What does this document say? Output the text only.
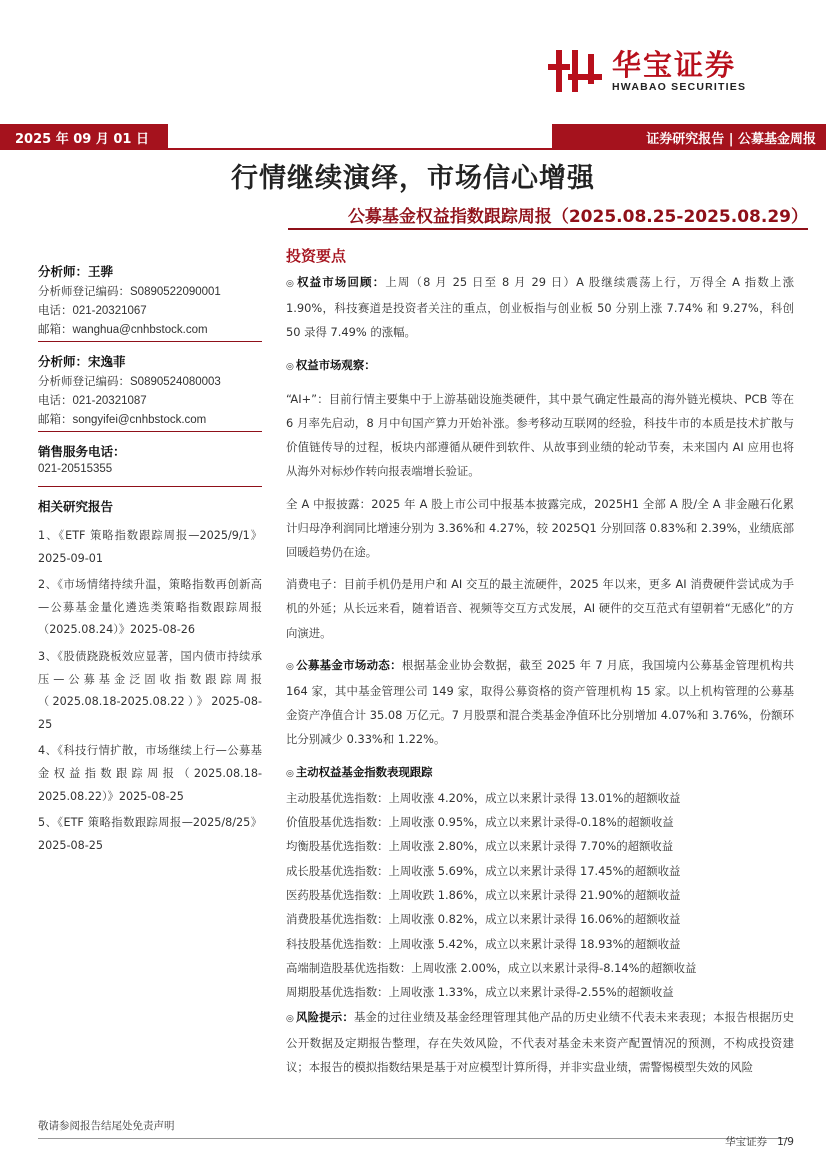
华宝证券
HWABAO SECURITIES
2025 年 09 月 01 日	证券研究报告 | 公募基金周报
行情继续演绎，市场信心增强
公募基金权益指数跟踪周报（2025.08.25-2025.08.29）
分析师：王骅
分析师登记编码：S0890522090001
电话：021-20321067
邮箱：wanghua@cnhbstock.com
分析师：宋逸菲
分析师登记编码：S0890524080003
电话：021-20321087
邮箱：songyifei@cnhbstock.com
销售服务电话：
021-20515355
相关研究报告
1、《ETF 策略指数跟踪周报—2025/9/1》2025-09-01
2、《市场情绪持续升温，策略指数再创新高—公募基金量化遴选类策略指数跟踪周报（2025.08.24）》2025-08-26
3、《股债跷跷板效应显著，国内债市持续承压—公募基金泛固收指数跟踪周报（2025.08.18-2025.08.22）》2025-08-25
4、《科技行情扩散，市场继续上行—公募基金权益指数跟踪周报（2025.08.18-2025.08.22）》2025-08-25
5、《ETF 策略指数跟踪周报—2025/8/25》2025-08-25
投资要点
◎ 权益市场回顾：上周（8 月 25 日至 8 月 29 日）A 股继续震荡上行，万得全 A 指数上涨 1.90%，科技赛道是投资者关注的重点，创业板指与创业板 50 分别上涨 7.74% 和 9.27%，科创 50 录得 7.49% 的涨幅。
◎ 权益市场观察：
“AI+”：目前行情主要集中于上游基础设施类硬件，其中景气确定性最高的海外链光模块、PCB 等在 6 月率先启动，8 月中旬国产算力开始补涨。参考移动互联网的经验，科技牛市的本质是技术扩散与价值链传导的过程，板块内部遵循从硬件到软件、从故事到业绩的轮动节奏，未来国内 AI 应用也将从海外对标炒作转向报表端增长验证。
全 A 中报披露：2025 年 A 股上市公司中报基本披露完成，2025H1 全部 A 股/全 A 非金融石化累计归母净利润同比增速分别为 3.36%和 4.27%，较 2025Q1 分别回落 0.83%和 2.39%，业绩底部回暖趋势仍在途。
消费电子：目前手机仍是用户和 AI 交互的最主流硬件，2025 年以来，更多 AI 消费硬件尝试成为手机的外延；从长远来看，随着语音、视频等交互方式发展，AI 硬件的交互范式有望朝着“无感化”的方向演进。
◎ 公募基金市场动态：根据基金业协会数据，截至 2025 年 7 月底，我国境内公募基金管理机构共 164 家，其中基金管理公司 149 家，取得公募资格的资产管理机构 15 家。以上机构管理的公募基金资产净值合计 35.08 万亿元。7 月股票和混合类基金净值环比分别增加 4.07%和 3.76%，份额环比分别减少 0.33%和 1.22%。
◎ 主动权益基金指数表现跟踪
主动股基优选指数：上周收涨 4.20%，成立以来累计录得 13.01%的超额收益
价值股基优选指数：上周收涨 0.95%，成立以来累计录得-0.18%的超额收益
均衡股基优选指数：上周收涨 2.80%，成立以来累计录得 7.70%的超额收益
成长股基优选指数：上周收涨 5.69%，成立以来累计录得 17.45%的超额收益
医药股基优选指数：上周收跌 1.86%，成立以来累计录得 21.90%的超额收益
消费股基优选指数：上周收涨 0.82%，成立以来累计录得 16.06%的超额收益
科技股基优选指数：上周收涨 5.42%，成立以来累计录得 18.93%的超额收益
高端制造股基优选指数：上周收涨 2.00%，成立以来累计录得-8.14%的超额收益
周期股基优选指数：上周收涨 1.33%，成立以来累计录得-2.55%的超额收益
◎ 风险提示：基金的过往业绩及基金经理管理其他产品的历史业绩不代表未来表现；本报告根据历史公开数据及定期报告整理，存在失效风险，不代表对基金未来资产配置情况的预测，不构成投资建议；本报告的模拟指数结果是基于对应模型计算所得，并非实盘业绩，需警惕模型失效的风险
敬请参阅报告结尾处免责声明
华宝证券 1/9
